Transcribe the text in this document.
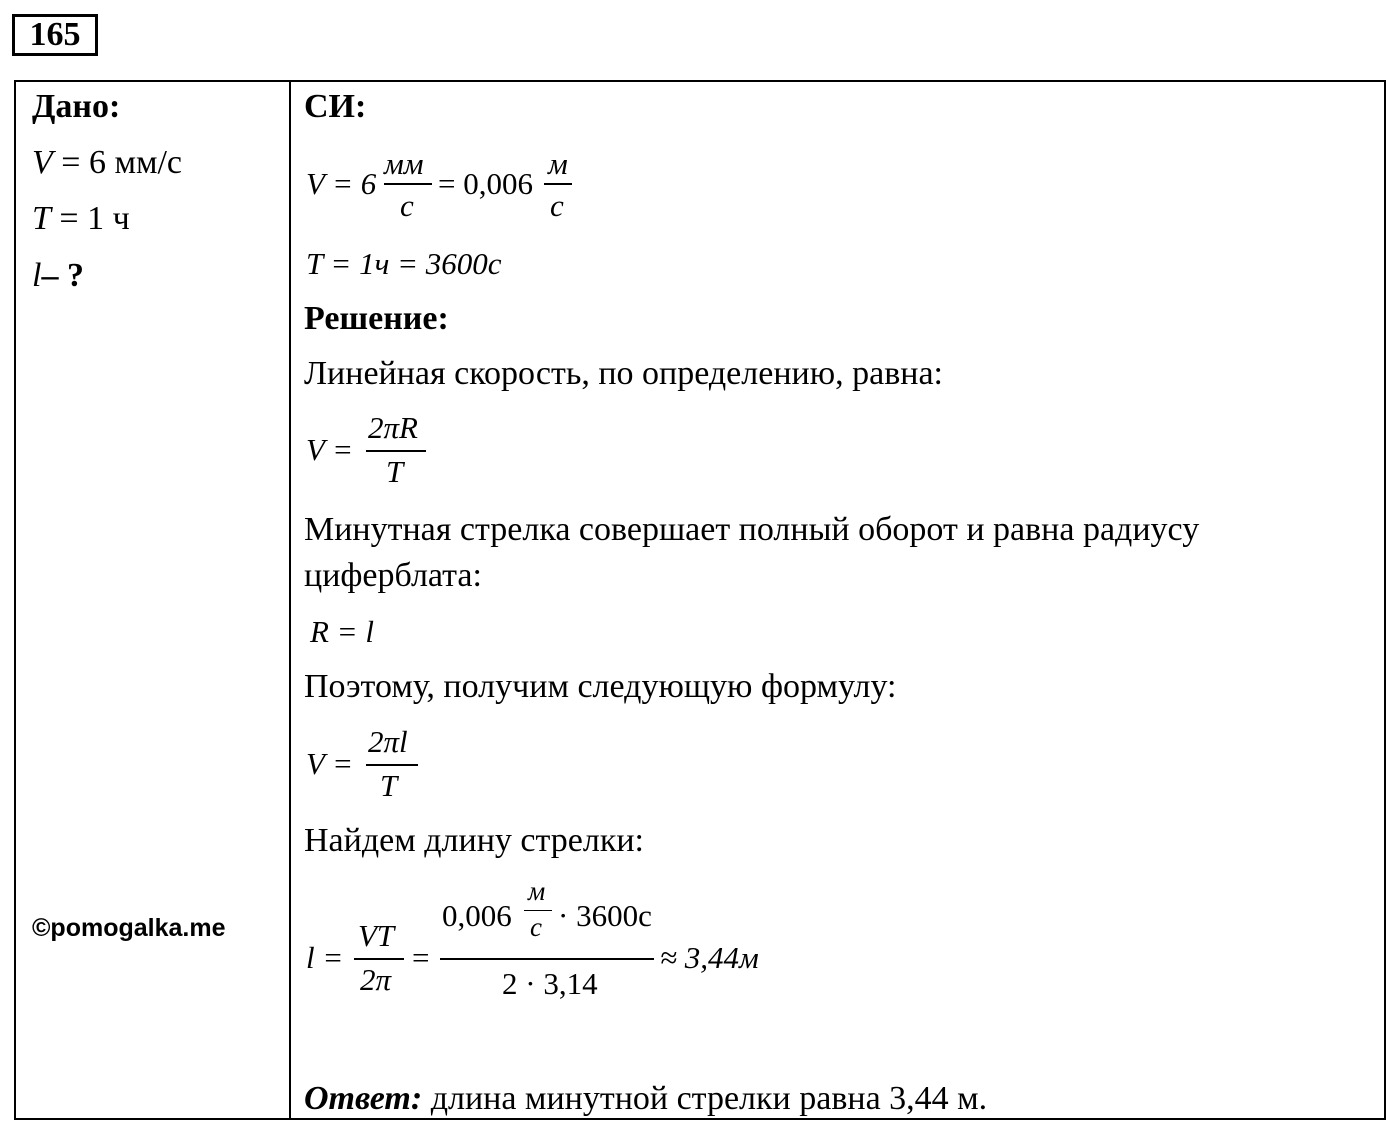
165
Дано:
V = 6 мм/с
T = 1 ч
l– ?
©pomogalka.me
СИ:
V = 6
мм
с
= 0,006
м
с
T = 1ч = 3600с
Решение:
Линейная скорость, по определению, равна:
V =
2πR
T
Минутная стрелка совершает полный оборот и равна радиусу циферблата:
R = l
Поэтому, получим следующую формулу:
V =
2πl
T
Найдем длину стрелки:
l =
VT
2π
=
0,006
м
с · 3600с
2 · 3,14
≈ 3,44м
Ответ: длина минутной стрелки равна 3,44 м.
